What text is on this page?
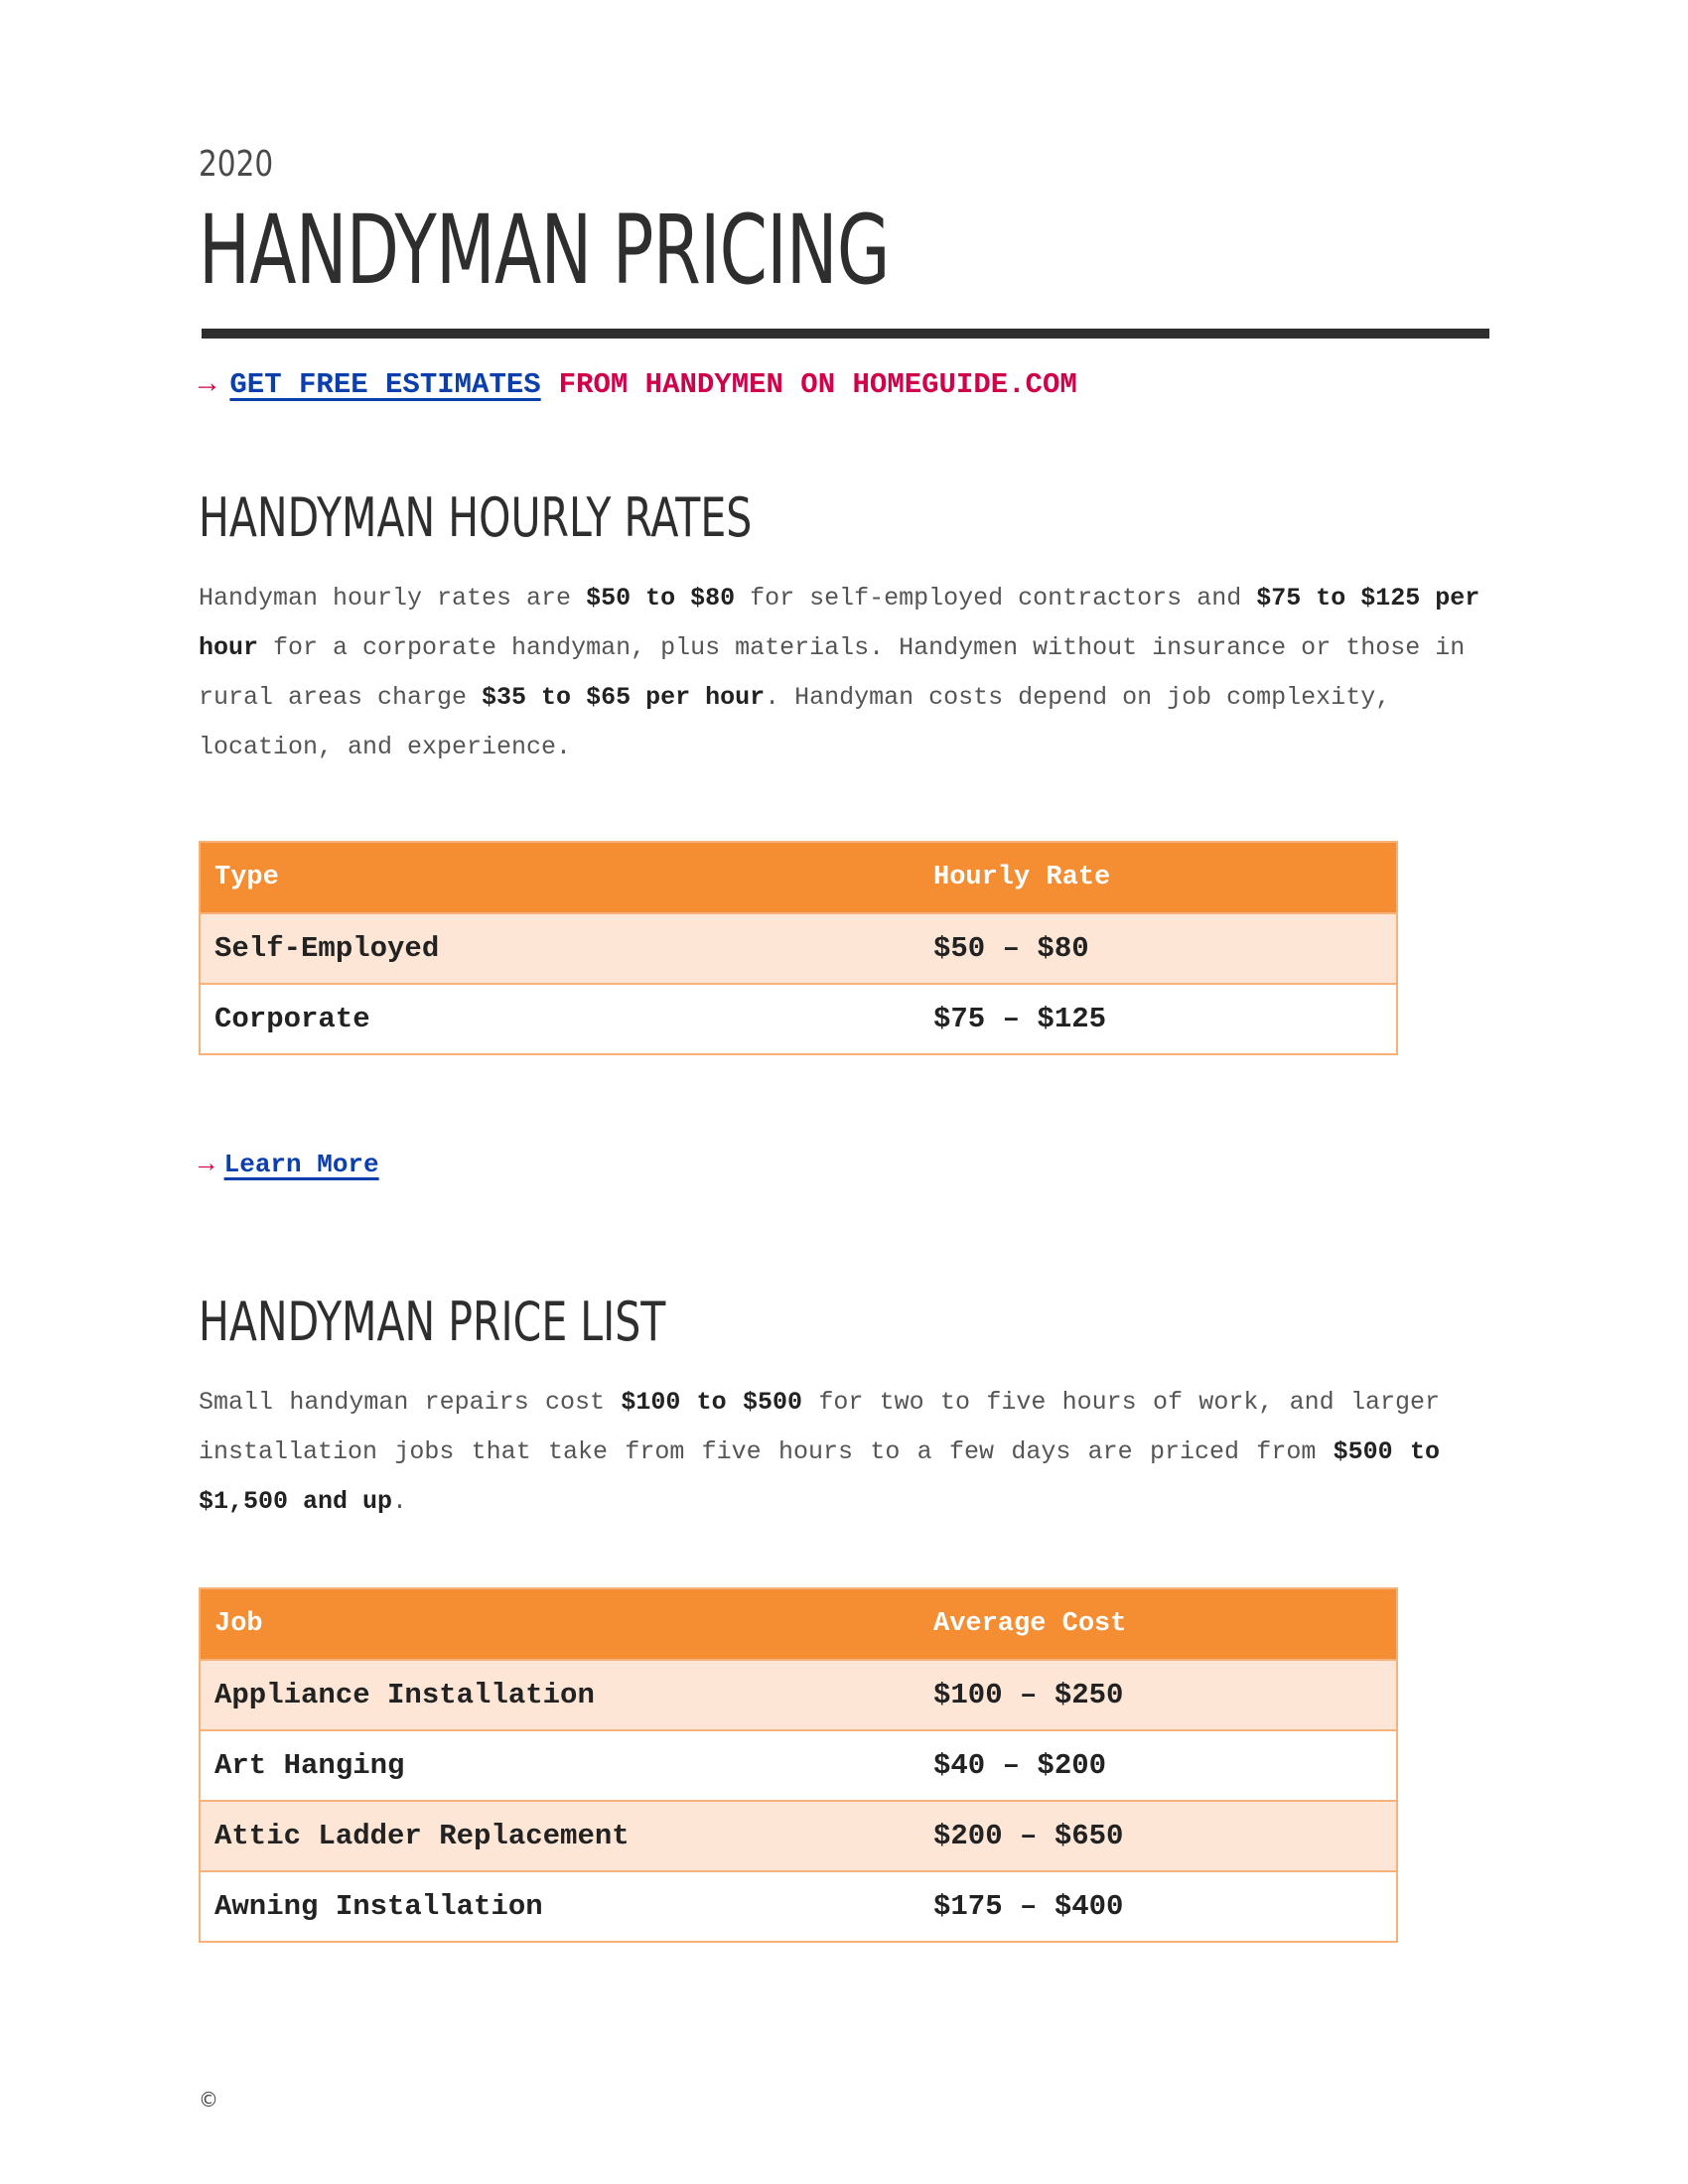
2020
HANDYMAN PRICING
→ GET FREE ESTIMATES FROM HANDYMEN ON HOMEGUIDE.COM
HANDYMAN HOURLY RATES

Handyman hourly rates are $50 to $80 for self-employed contractors and $75 to $125 per hour for a corporate handyman, plus materials. Handymen without insurance or those in rural areas charge $35 to $65 per hour. Handyman costs depend on job complexity, location, and experience.

Type	Hourly Rate
Self-Employed	$50 – $80
Corporate	$75 – $125
→ Learn More
HANDYMAN PRICE LIST

Small handyman repairs cost $100 to $500 for two to five hours of work, and larger installation jobs that take from five hours to a few days are priced from $500 to $1,500 and up.

Job	Average Cost
Appliance Installation	$100 – $250
Art Hanging	$40 – $200
Attic Ladder Replacement	$200 – $650
Awning Installation	$175 – $400
©
